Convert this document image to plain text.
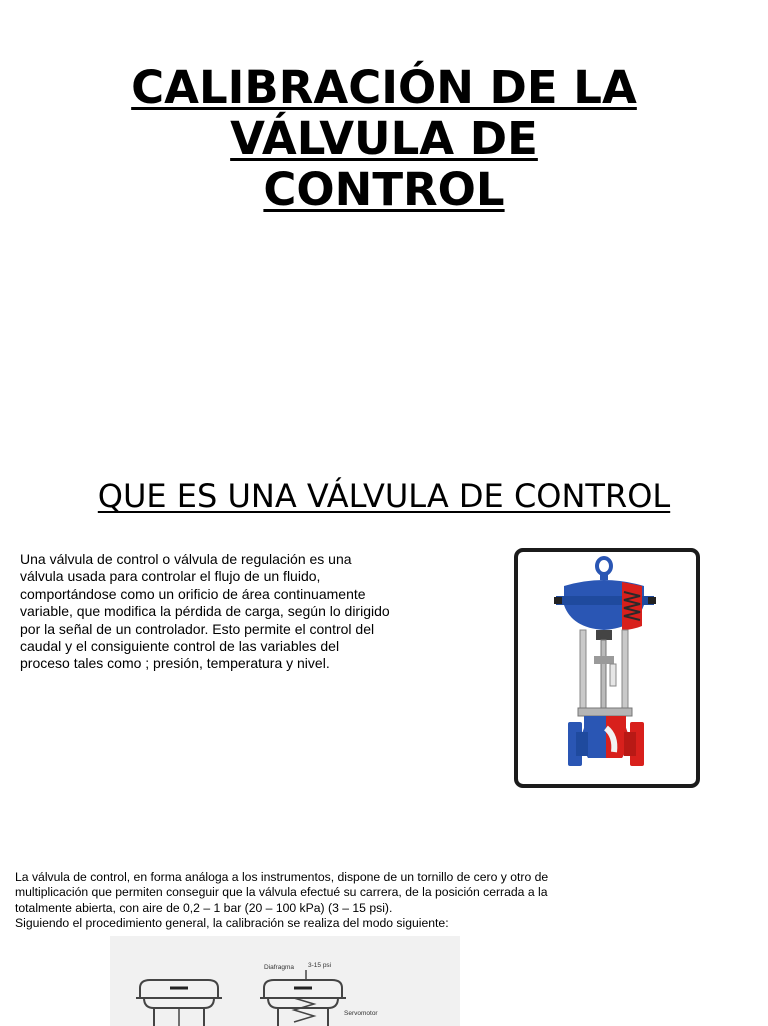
CALIBRACIÓN DE LA
VÁLVULA DE
CONTROL
QUE ES UNA VÁLVULA DE CONTROL

Una válvula de control o válvula de regulación es una válvula usada para controlar el flujo de un fluido, comportándose como un orificio de área continuamente variable, que modifica la pérdida de carga, según lo dirigido por la señal de un controlador. Esto permite el control del caudal y el consiguiente control de las variables del proceso tales como ; presión, temperatura y nivel.

La válvula de control, en forma análoga a los instrumentos, dispone de un tornillo de cero y otro de multiplicación que permiten conseguir que la válvula efectué su carrera, de la posición cerrada a la totalmente abierta, con aire de 0,2 – 1 bar (20 – 100 kPa) (3 – 15 psi).
Siguiendo el procedimiento general, la calibración se realiza del modo siguiente:
Diafragma 3-15 psi
Servomotor
